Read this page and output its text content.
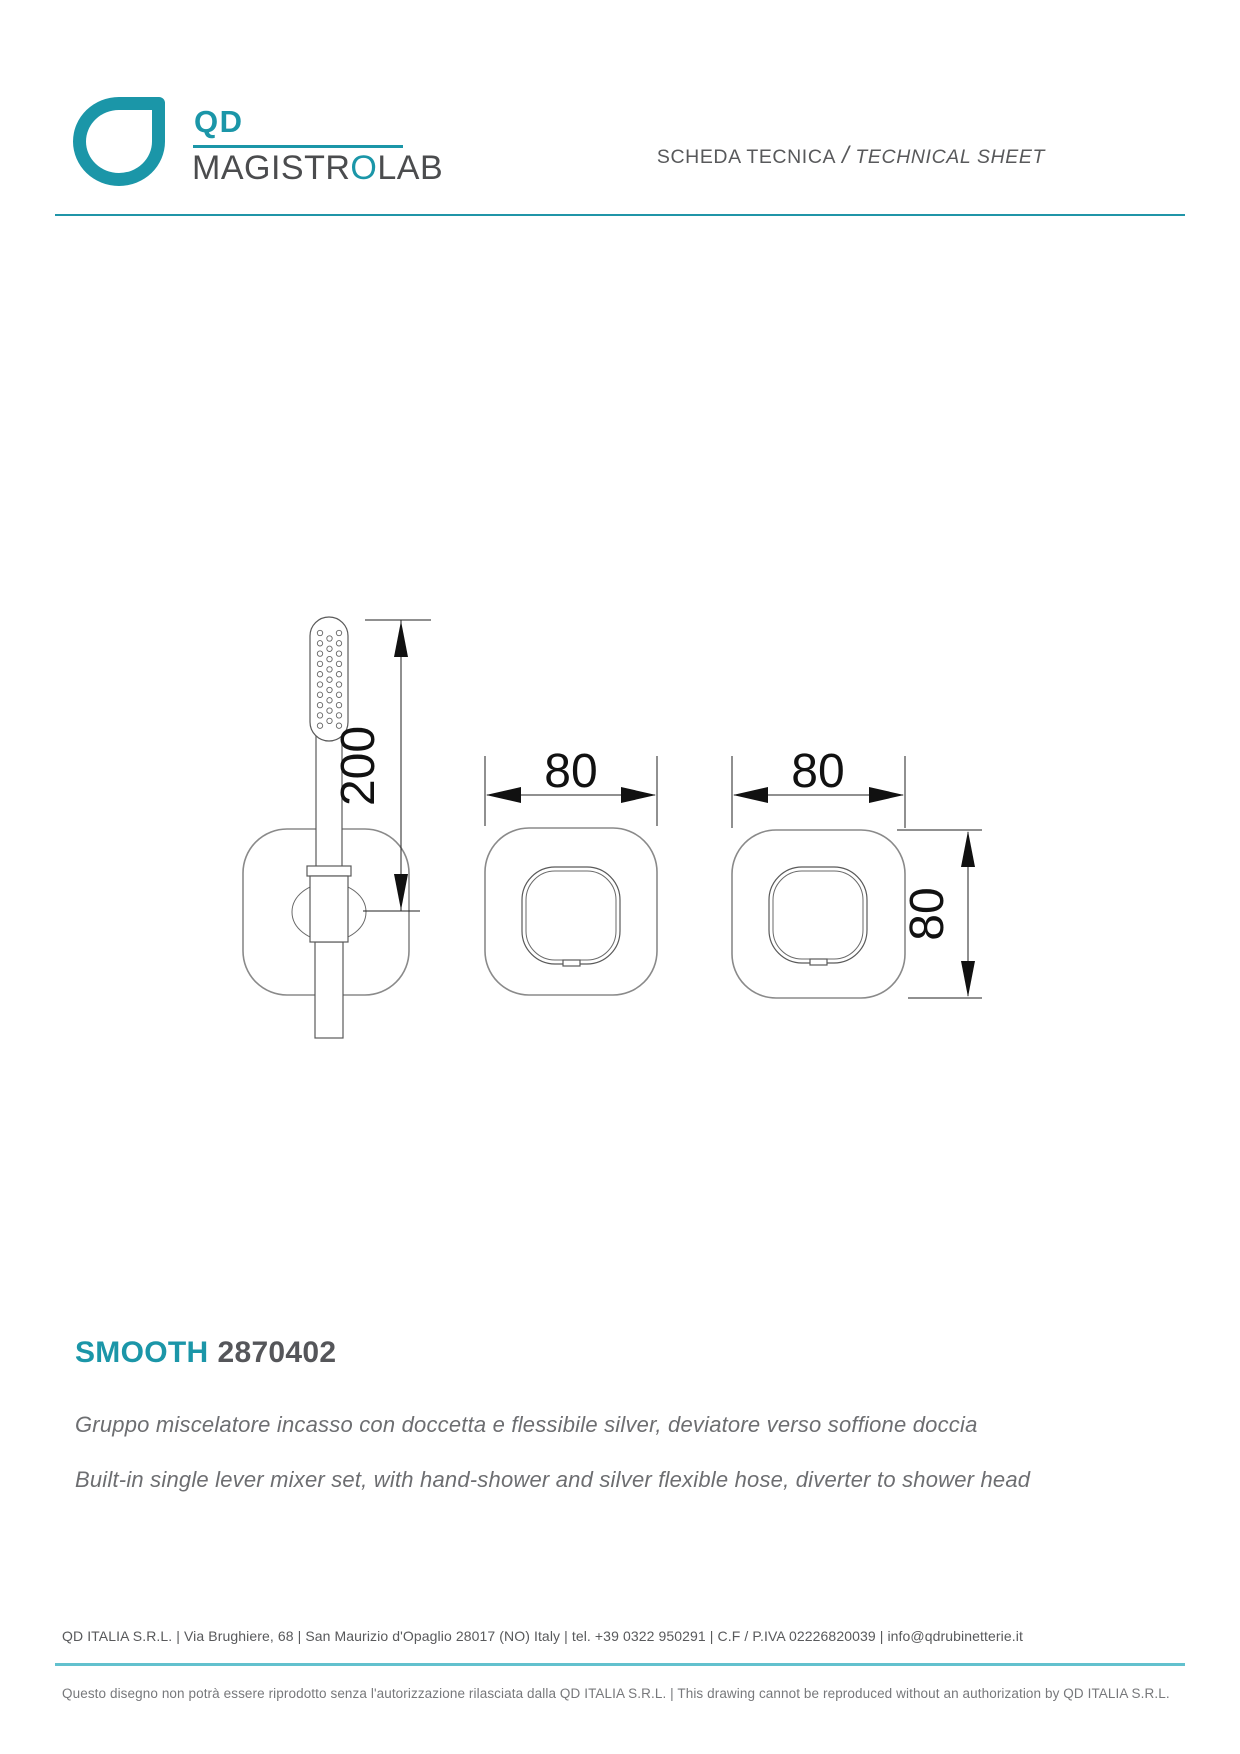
QD
MAGISTROLAB	SCHEDA TECNICA / TECHNICAL SHEET
200	80	80
80
SMOOTH 2870402
Gruppo miscelatore incasso con doccetta e flessibile silver, deviatore verso soffione doccia
Built-in single lever mixer set, with hand-shower and silver flexible hose, diverter to shower head
QD ITALIA S.R.L. | Via Brughiere, 68 | San Maurizio d'Opaglio 28017 (NO) Italy | tel. +39 0322 950291 | C.F / P.IVA 02226820039 | info@qdrubinetterie.it
Questo disegno non potrà essere riprodotto senza l'autorizzazione rilasciata dalla QD ITALIA S.R.L. | This drawing cannot be reproduced without an authorization by QD ITALIA S.R.L.
